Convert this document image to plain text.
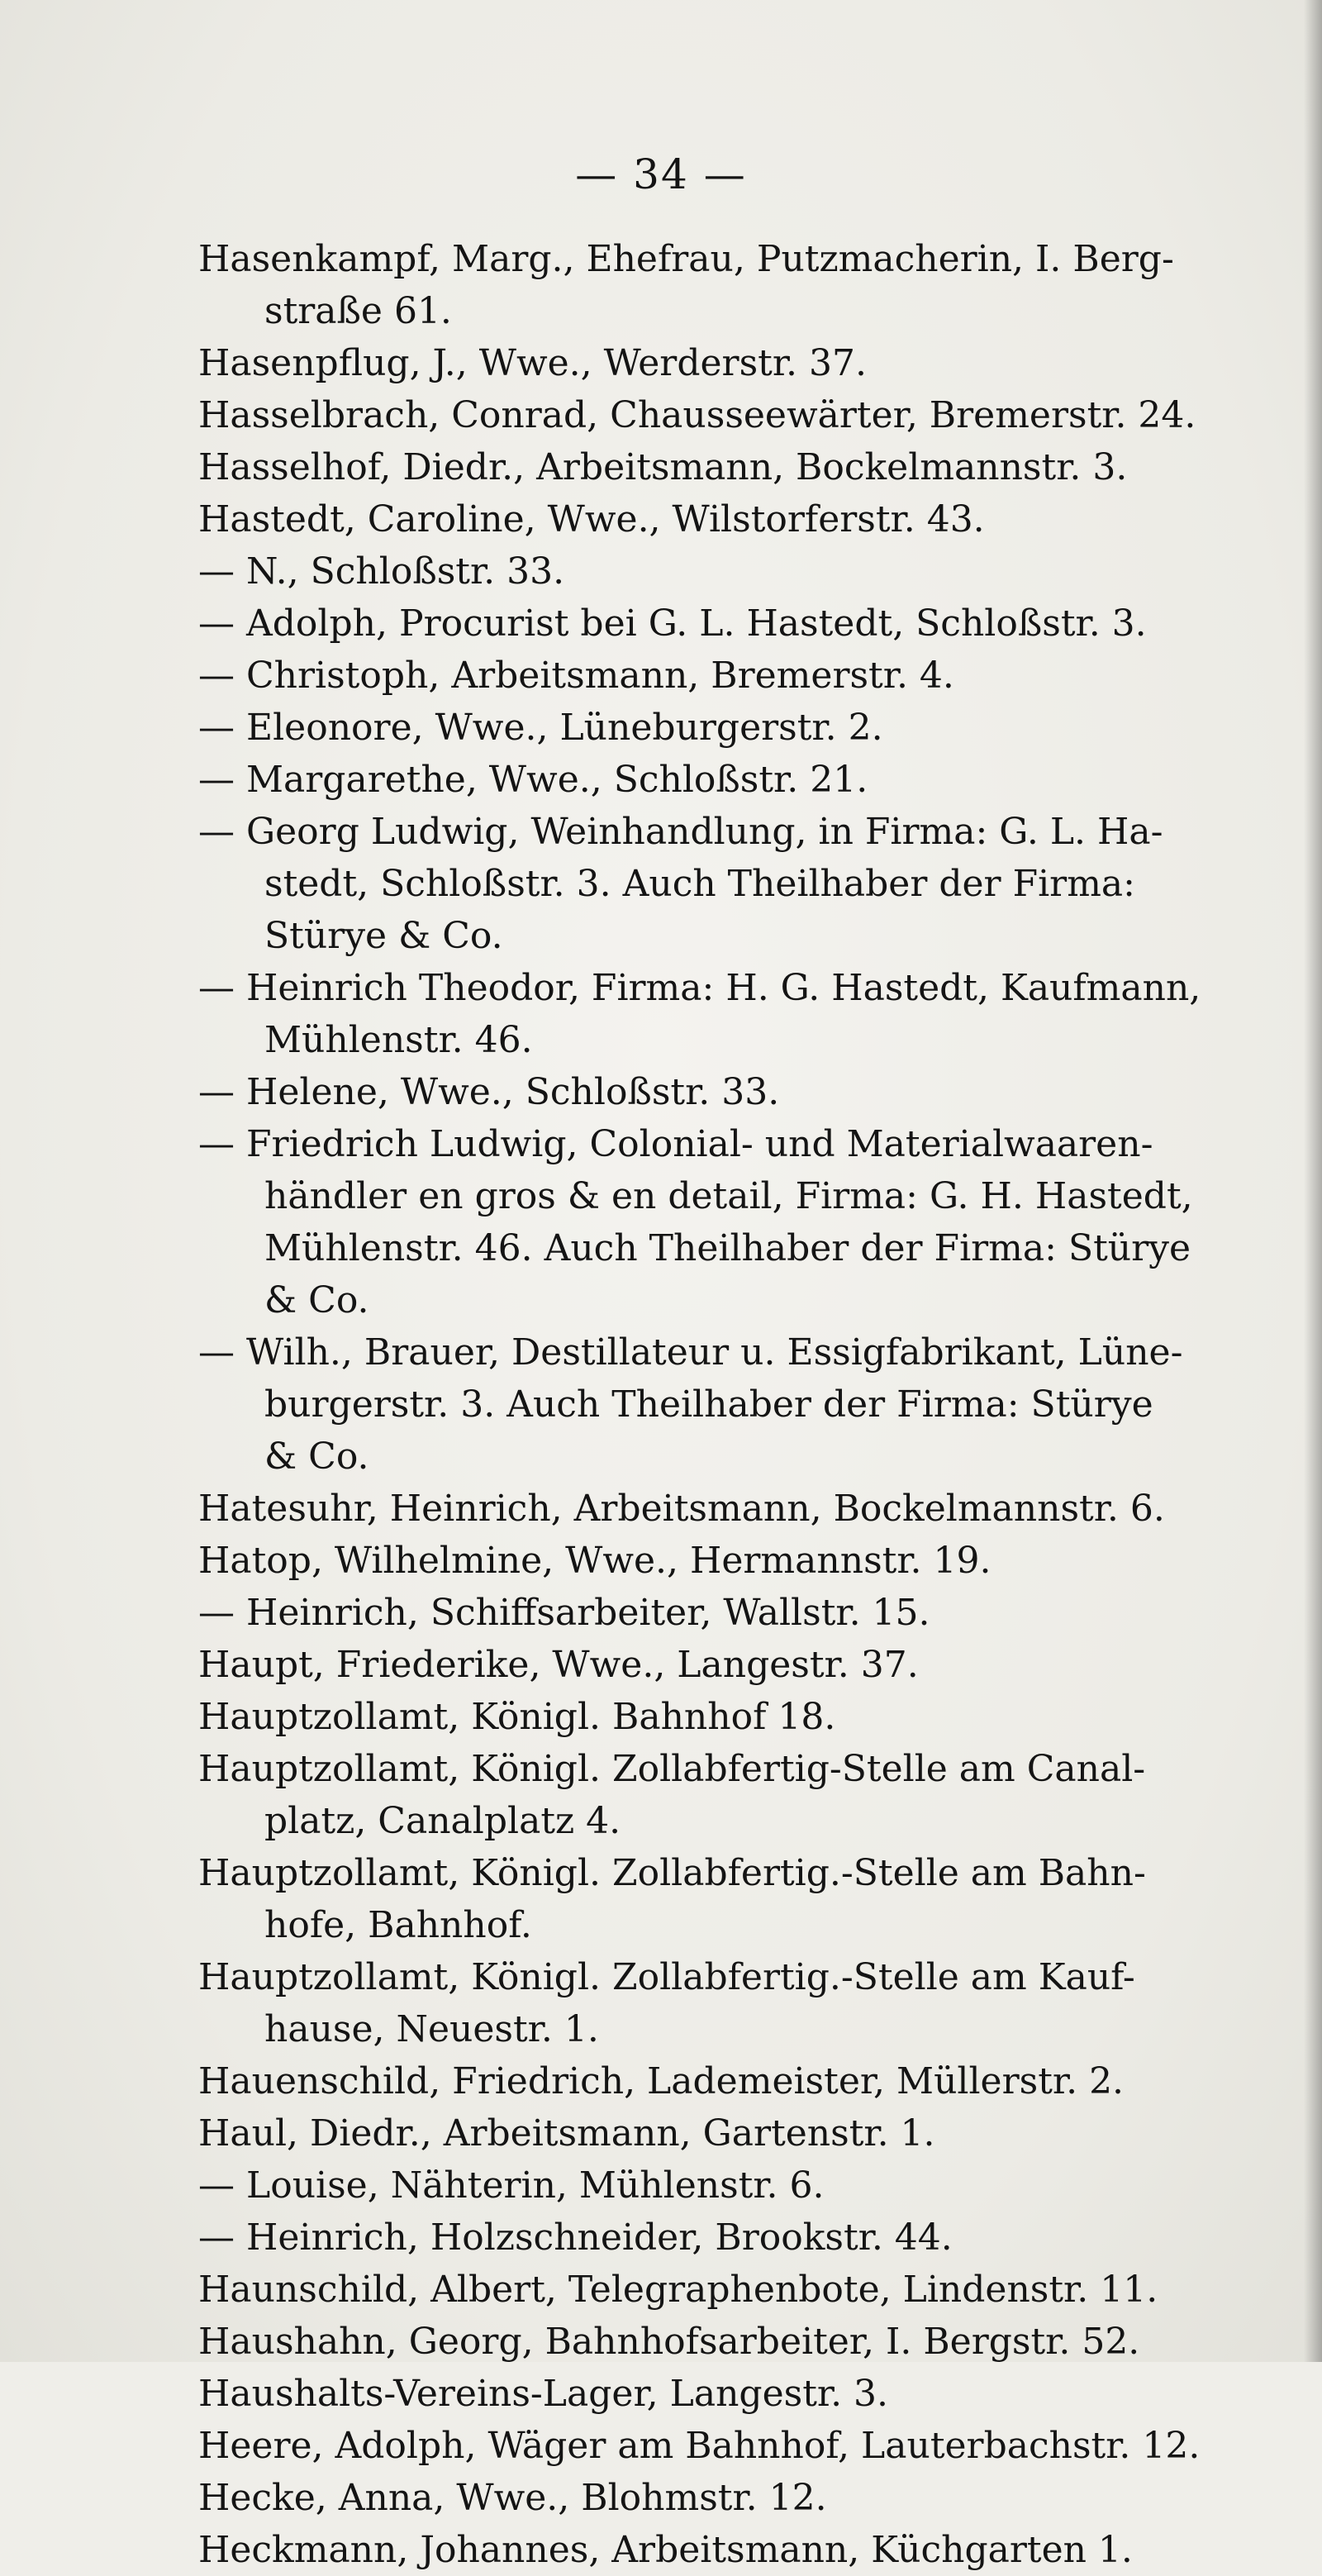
— 34 —
Hasenkampf, Marg., Ehefrau, Putzmacherin, I. Berg-
straße 61.
Hasenpflug, J., Wwe., Werderstr. 37.
Hasselbrach, Conrad, Chausseewärter, Bremerstr. 24.
Hasselhof, Diedr., Arbeitsmann, Bockelmannstr. 3.
Hastedt, Caroline, Wwe., Wilstorferstr. 43.
— N., Schloßstr. 33.
— Adolph, Procurist bei G. L. Hastedt, Schloßstr. 3.
— Christoph, Arbeitsmann, Bremerstr. 4.
— Eleonore, Wwe., Lüneburgerstr. 2.
— Margarethe, Wwe., Schloßstr. 21.
— Georg Ludwig, Weinhandlung, in Firma: G. L. Ha-
stedt, Schloßstr. 3. Auch Theilhaber der Firma:
Stürye & Co.
— Heinrich Theodor, Firma: H. G. Hastedt, Kaufmann,
Mühlenstr. 46.
— Helene, Wwe., Schloßstr. 33.
— Friedrich Ludwig, Colonial- und Materialwaaren-
händler en gros & en detail, Firma: G. H. Hastedt,
Mühlenstr. 46. Auch Theilhaber der Firma: Stürye
& Co.
— Wilh., Brauer, Destillateur u. Essigfabrikant, Lüne-
burgerstr. 3. Auch Theilhaber der Firma: Stürye
& Co.
Hatesuhr, Heinrich, Arbeitsmann, Bockelmannstr. 6.
Hatop, Wilhelmine, Wwe., Hermannstr. 19.
— Heinrich, Schiffsarbeiter, Wallstr. 15.
Haupt, Friederike, Wwe., Langestr. 37.
Hauptzollamt, Königl. Bahnhof 18.
Hauptzollamt, Königl. Zollabfertig-Stelle am Canal-
platz, Canalplatz 4.
Hauptzollamt, Königl. Zollabfertig.-Stelle am Bahn-
hofe, Bahnhof.
Hauptzollamt, Königl. Zollabfertig.-Stelle am Kauf-
hause, Neuestr. 1.
Hauenschild, Friedrich, Lademeister, Müllerstr. 2.
Haul, Diedr., Arbeitsmann, Gartenstr. 1.
— Louise, Nähterin, Mühlenstr. 6.
— Heinrich, Holzschneider, Brookstr. 44.
Haunschild, Albert, Telegraphenbote, Lindenstr. 11.
Haushahn, Georg, Bahnhofsarbeiter, I. Bergstr. 52.
Haushalts-Vereins-Lager, Langestr. 3.
Heere, Adolph, Wäger am Bahnhof, Lauterbachstr. 12.
Hecke, Anna, Wwe., Blohmstr. 12.
Heckmann, Johannes, Arbeitsmann, Küchgarten 1.
